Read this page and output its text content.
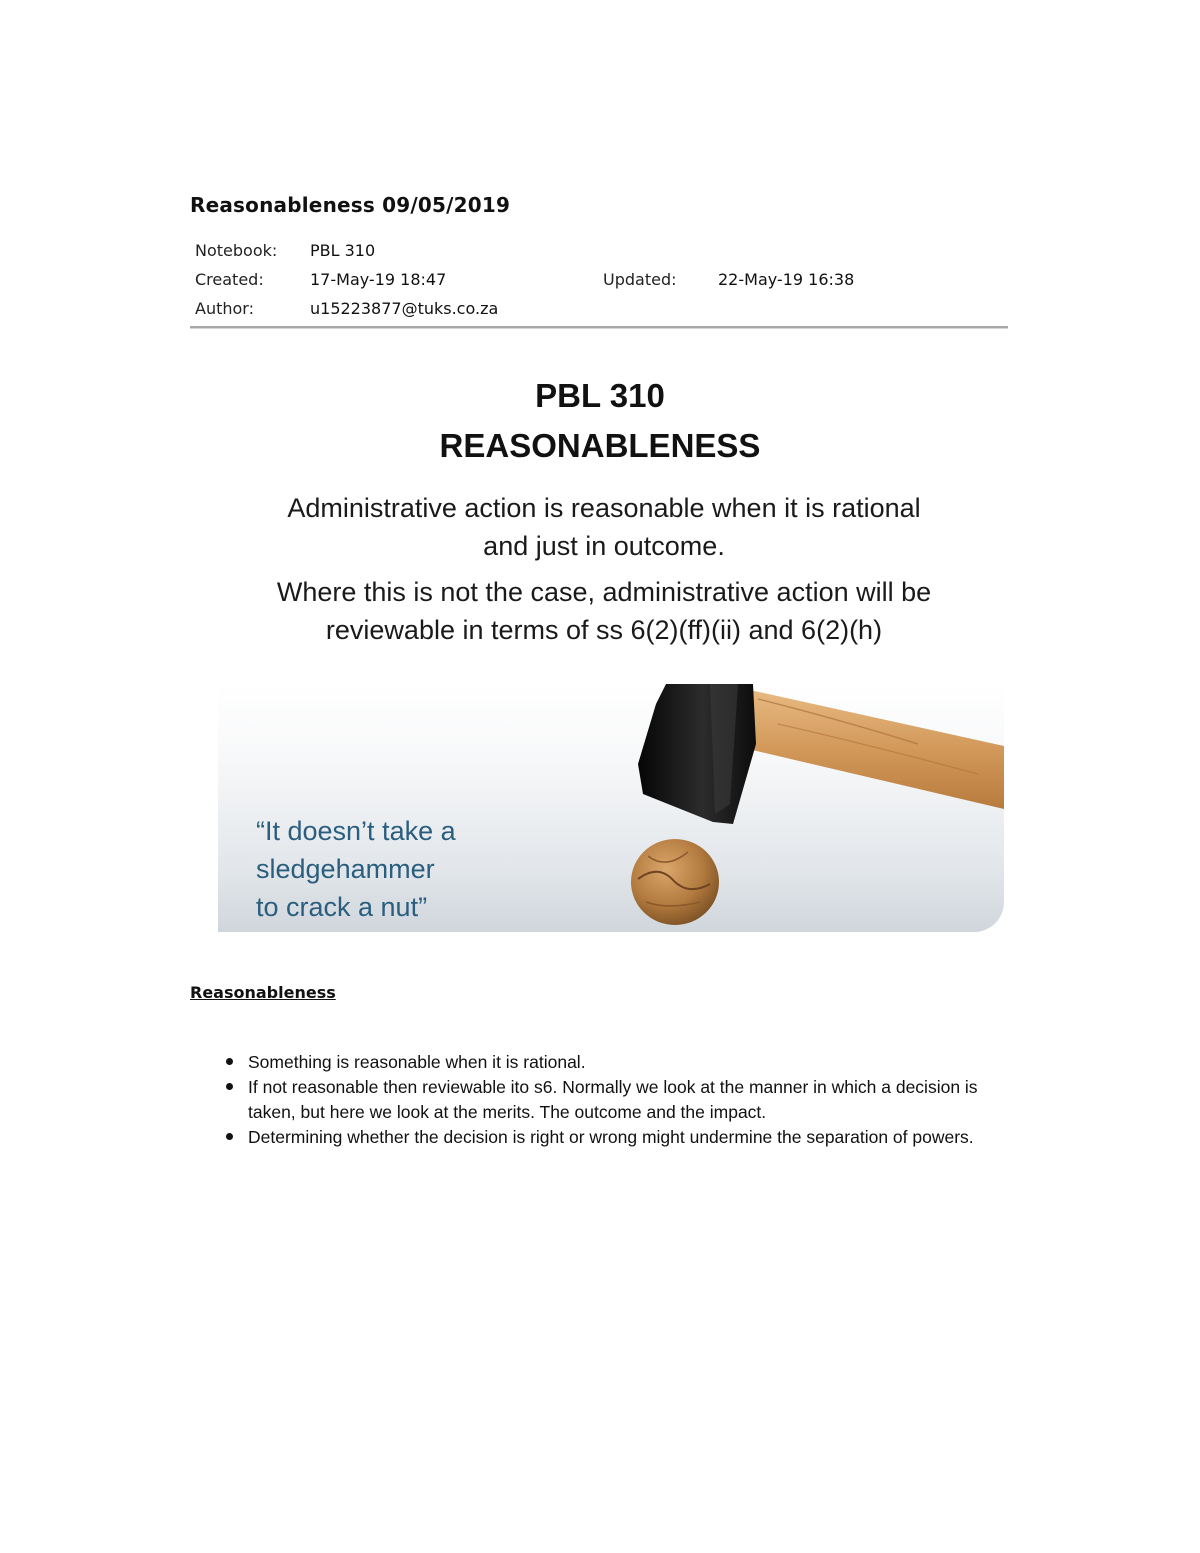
Reasonableness 09/05/2019
Notebook: PBL 310
Created:	17-May-19 18:47	Updated:	22-May-19 16:38
Author:	u15223877@tuks.co.za

PBL 310

REASONABLENESS

Administrative action is reasonable when it is rational

and just in outcome.

Where this is not the case, administrative action will be

reviewable in terms of ss 6(2)(ff)(ii) and 6(2)(h)

“It doesn’t take a
sledgehammer
to crack a nut”

Reasonableness
Something is reasonable when it is rational.
If not reasonable then reviewable ito s6. Normally we look at the manner in which a decision is taken, but here we look at the merits. The outcome and the impact.
Determining whether the decision is right or wrong might undermine the separation of powers.
